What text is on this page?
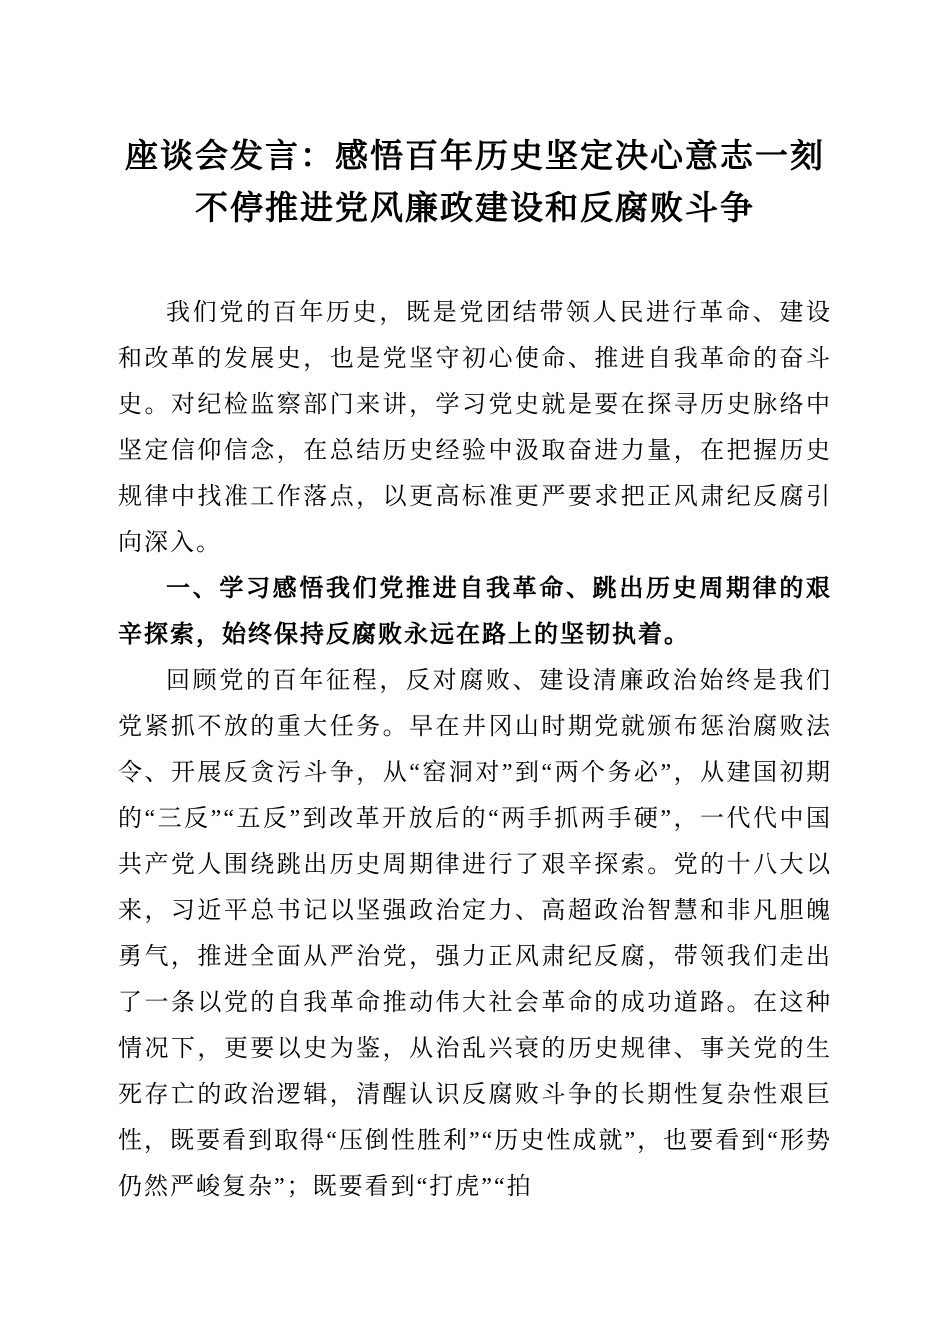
座谈会发言：感悟百年历史坚定决心意志一刻
不停推进党风廉政建设和反腐败斗争

我们党的百年历史，既是党团结带领人民进行革命、建设和改革的发展史，也是党坚守初心使命、推进自我革命的奋斗史。对纪检监察部门来讲，学习党史就是要在探寻历史脉络中坚定信仰信念，在总结历史经验中汲取奋进力量，在把握历史规律中找准工作落点，以更高标准更严要求把正风肃纪反腐引向深入。

一、学习感悟我们党推进自我革命、跳出历史周期律的艰辛探索，始终保持反腐败永远在路上的坚韧执着。

回顾党的百年征程，反对腐败、建设清廉政治始终是我们党紧抓不放的重大任务。早在井冈山时期党就颁布惩治腐败法令、开展反贪污斗争，从“窑洞对”到“两个务必”，从建国初期的“三反”“五反”到改革开放后的“两手抓两手硬”，一代代中国共产党人围绕跳出历史周期律进行了艰辛探索。党的十八大以来，习近平总书记以坚强政治定力、高超政治智慧和非凡胆魄勇气，推进全面从严治党，强力正风肃纪反腐，带领我们走出了一条以党的自我革命推动伟大社会革命的成功道路。在这种情况下，更要以史为鉴，从治乱兴衰的历史规律、事关党的生死存亡的政治逻辑，清醒认识反腐败斗争的长期性复杂性艰巨性，既要看到取得“压倒性胜利”“历史性成就”，也要看到“形势仍然严峻复杂”；既要看到“打虎”“拍
